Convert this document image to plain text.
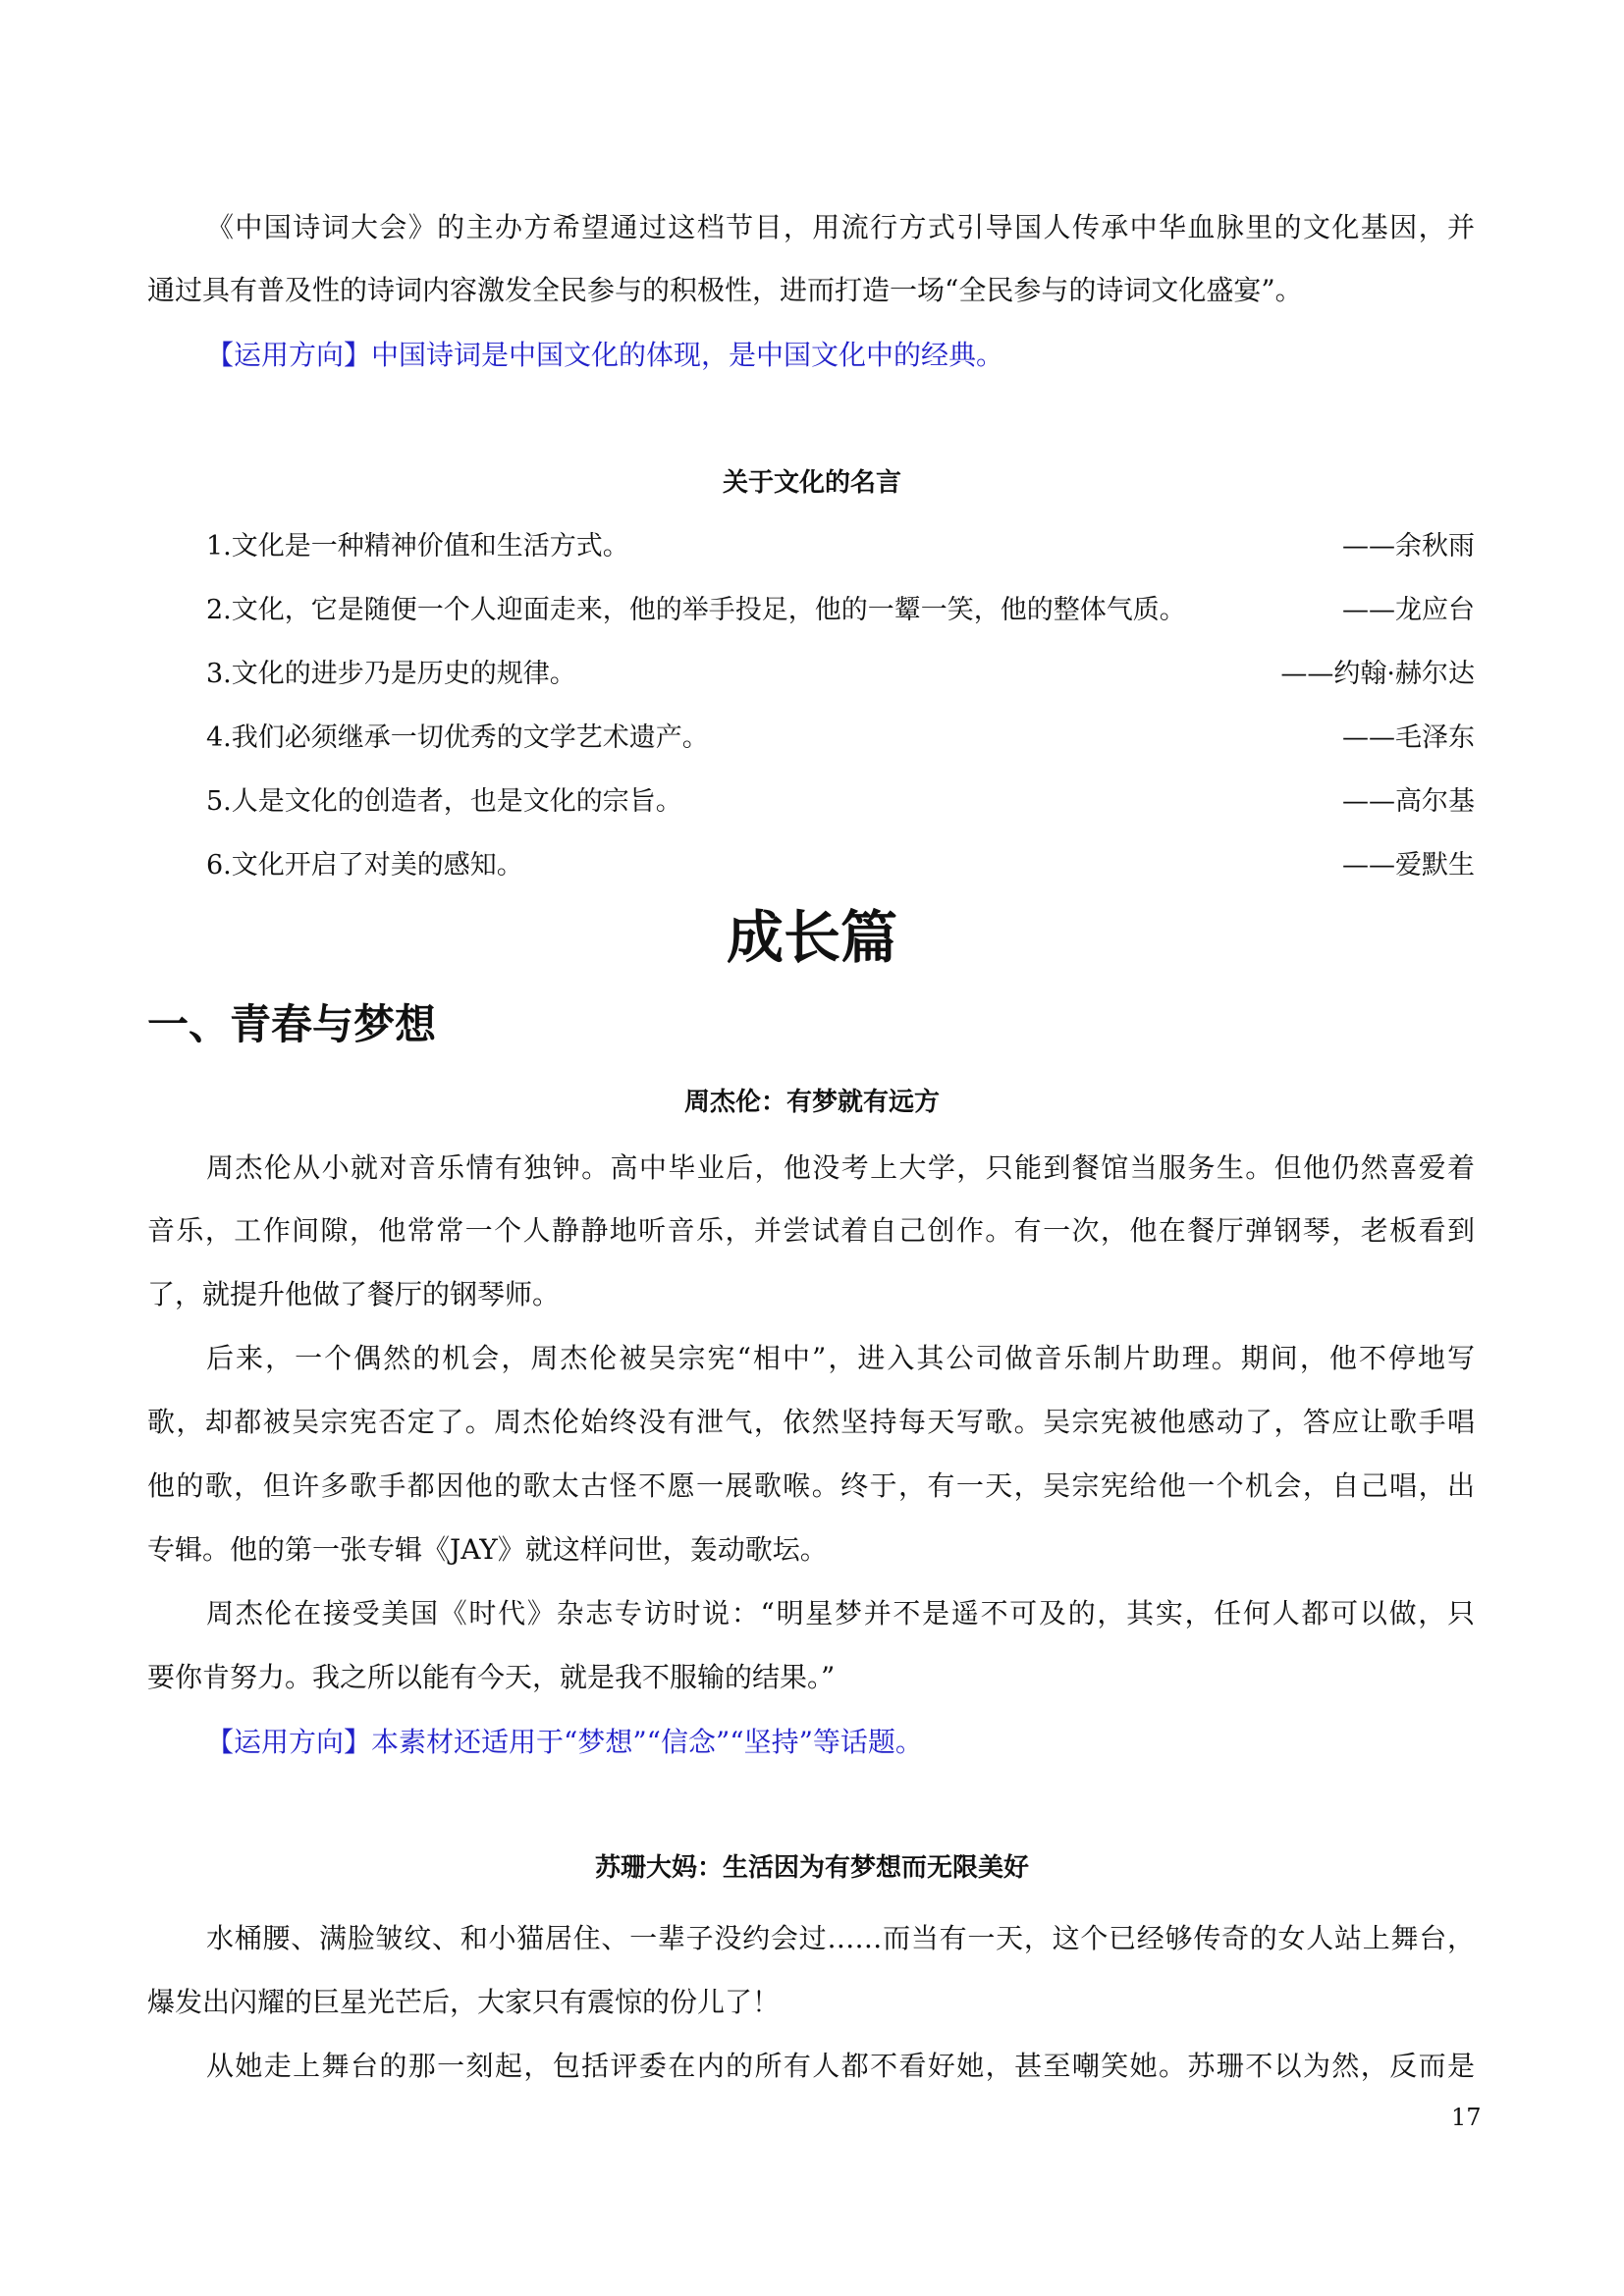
《中国诗词大会》的主办方希望通过这档节目，用流行方式引导国人传承中华血脉里的文化基因，并
通过具有普及性的诗词内容激发全民参与的积极性，进而打造一场“全民参与的诗词文化盛宴”。
【运用方向】中国诗词是中国文化的体现，是中国文化中的经典。
关于文化的名言
1.文化是一种精神价值和生活方式。	——余秋雨
2.文化，它是随便一个人迎面走来，他的举手投足，他的一颦一笑，他的整体气质。	——龙应台
3.文化的进步乃是历史的规律。	——约翰·赫尔达
4.我们必须继承一切优秀的文学艺术遗产。	——毛泽东
5.人是文化的创造者，也是文化的宗旨。	——高尔基
6.文化开启了对美的感知。	——爱默生
成长篇
一、青春与梦想
周杰伦：有梦就有远方
周杰伦从小就对音乐情有独钟。高中毕业后，他没考上大学，只能到餐馆当服务生。但他仍然喜爱着
音乐，工作间隙，他常常一个人静静地听音乐，并尝试着自己创作。有一次，他在餐厅弹钢琴，老板看到
了，就提升他做了餐厅的钢琴师。
后来，一个偶然的机会，周杰伦被吴宗宪“相中”，进入其公司做音乐制片助理。期间，他不停地写
歌，却都被吴宗宪否定了。周杰伦始终没有泄气，依然坚持每天写歌。吴宗宪被他感动了，答应让歌手唱
他的歌，但许多歌手都因他的歌太古怪不愿一展歌喉。终于，有一天，吴宗宪给他一个机会，自己唱，出
专辑。他的第一张专辑《JAY》就这样问世，轰动歌坛。
周杰伦在接受美国《时代》杂志专访时说：“明星梦并不是遥不可及的，其实，任何人都可以做，只
要你肯努力。我之所以能有今天，就是我不服输的结果。”
【运用方向】本素材还适用于“梦想”“信念”“坚持”等话题。
苏珊大妈：生活因为有梦想而无限美好
水桶腰、满脸皱纹、和小猫居住、一辈子没约会过……而当有一天，这个已经够传奇的女人站上舞台，
爆发出闪耀的巨星光芒后，大家只有震惊的份儿了！
从她走上舞台的那一刻起，包括评委在内的所有人都不看好她，甚至嘲笑她。苏珊不以为然，反而是
17
